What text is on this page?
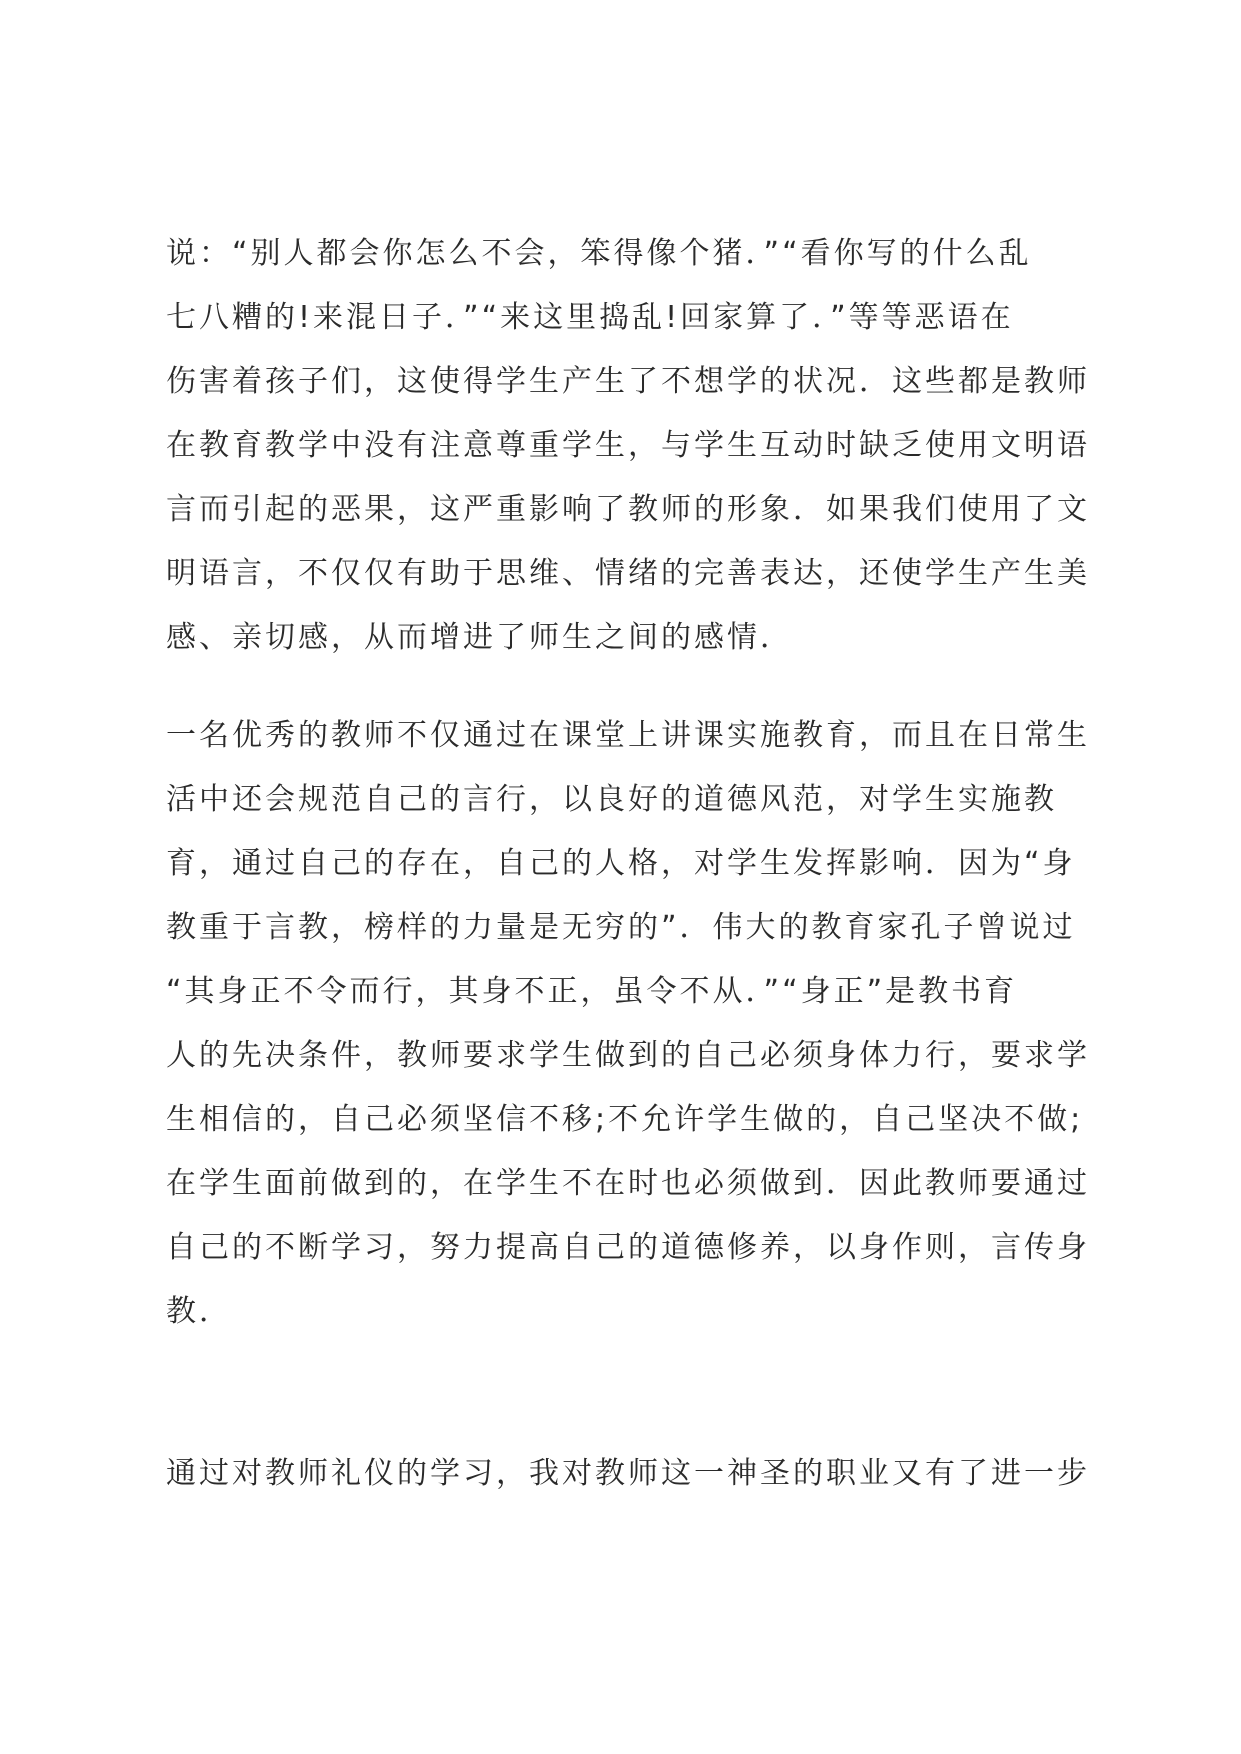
说：“别人都会你怎么不会，笨得像个猪．”“看你写的什么乱
七八糟的!来混日子．”“来这里捣乱!回家算了．”等等恶语在
伤害着孩子们，这使得学生产生了不想学的状况．这些都是教师
在教育教学中没有注意尊重学生，与学生互动时缺乏使用文明语
言而引起的恶果，这严重影响了教师的形象．如果我们使用了文
明语言，不仅仅有助于思维、情绪的完善表达，还使学生产生美
感、亲切感，从而增进了师生之间的感情．
一名优秀的教师不仅通过在课堂上讲课实施教育，而且在日常生
活中还会规范自己的言行，以良好的道德风范，对学生实施教
育，通过自己的存在，自己的人格，对学生发挥影响．因为“身
教重于言教，榜样的力量是无穷的”．伟大的教育家孔子曾说过
“其身正不令而行，其身不正，虽令不从．”“身正”是教书育
人的先决条件，教师要求学生做到的自己必须身体力行，要求学
生相信的，自己必须坚信不移;不允许学生做的，自己坚决不做;
在学生面前做到的，在学生不在时也必须做到．因此教师要通过
自己的不断学习，努力提高自己的道德修养，以身作则，言传身
教．
通过对教师礼仪的学习，我对教师这一神圣的职业又有了进一步
